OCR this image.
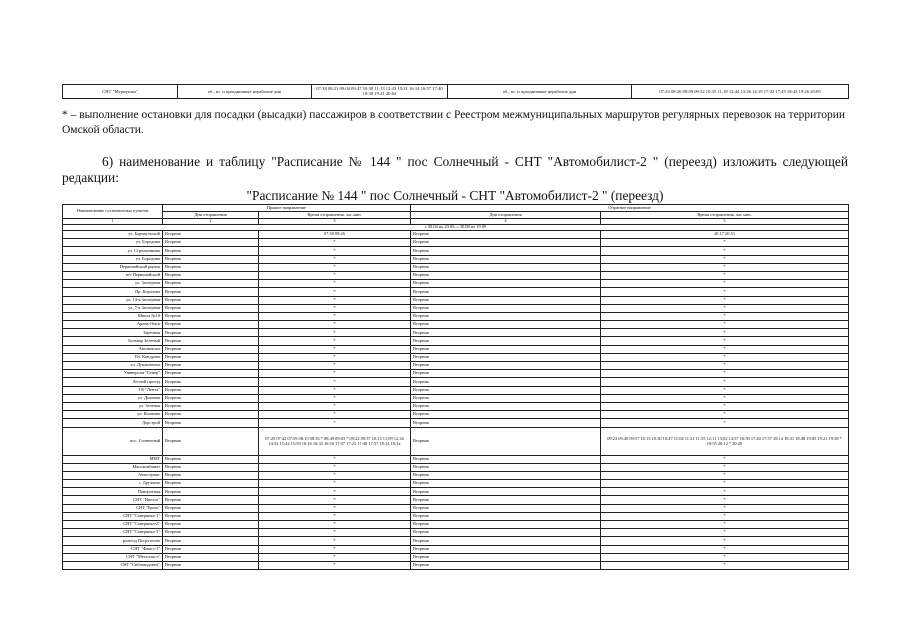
СНТ "Мурмушка"	об., вс. и праздничные нерабочие дни	07:38 08:21 09:04 09:47 10:30 11:13 12:43 15:31 16:14 16:57 17:40 18:38 19:21 20:04	об., вс. и праздничные нерабочие дни	07:43 08:26 09:09 09:52 10:35 11:18 12:44 13:26 14:19 17:02 17:45 18:43 19:26 20:09
* – выполнение остановки для посадки (высадки) пассажиров в соответствии с Реестром межмуниципальных маршрутов регулярных перевозок на территории Омской области.
6) наименование и таблицу "Расписание № 144 " пос Солнечный - СНТ "Автомобилист-2 " (переезд) изложить следующей редакции:
"Расписание № 144 " пос Солнечный - СНТ "Автомобилист-2 " (переезд)
Наименование остановочных пунктов	Прямое направление		Обратное направление	
	Дни отправления	Время отправления, час.мин.	Дни отправления	Время отправления, час.мин.
1	2	3	4	5
с 30.04 по 23.05; с 30.08 по 19.09				
ул. Барнаульской	Вторник	07:50 08:26	Вторник	20:17 20:51
ул. Бородина	Вторник	*	Вторник	*
ул. Стрельникова	Вторник	*	Вторник	*
ул. Бородина	Вторник	*	Вторник	*
Первомайский рынок	Вторник	*	Вторник	*
м/т Первомайский	Вторник	*	Вторник	*
ул. Заозерная	Вторник	*	Вторник	*
Пр. Королева	Вторник	*	Вторник	*
ул. 14-я Заозерная	Вторник	*	Вторник	*
ул. 7-я Заозерная	Вторник	*	Вторник	*
Школа №18	Вторник	*	Вторник	*
Арена-Омск	Вторник	*	Вторник	*
Заречная	Вторник	*	Вторник	*
Бульвар Зеленый	Вторник	*	Вторник	*
Автовокзал	Вторник	*	Вторник	*
Пл. Кондрова	Вторник	*	Вторник	*
ул. Лукашевича	Вторник	*	Вторник	*
Универсам "Север"	Вторник	*	Вторник	*
Лесной проезд	Вторник	*	Вторник	*
ТК "Лента"	Вторник	*	Вторник	*
ул. Дианова	Вторник	*	Вторник	*
ул. Зеленая	Вторник	*	Вторник	*
ул. Кошкова	Вторник	*	Вторник	*
Дорстрой	Вторник	*	Вторник	*
пос. Солнечный	Вторник	07:25 07:42 07:59 08:15 08:33 * 08:49 09:03 * 09:22 09:57 10:13 11:09 12:34 14:52 15:42 15:59 16:16 16:33 16:50 17:07 17:23 17:40 17:57 18:14 18:3х	Вторник	09:23 09:40 09:57 10:13 10:30 10:47 11:04 11:21 11:55 12:11 13:02 14:57 16:50 17:40 17:57 18:14 18:31 18:48 19:05 19:21 19:38 * 19:55 20:12 * 20:29
ММТ	Вторник	*	Вторник	*
Мясокомбинат	Вторник	*	Вторник	*
Автосервис	Вторник	*	Вторник	*
с. Дружино	Вторник	*	Вторник	*
Поворотная	Вторник	*	Вторник	*
СНТ "Иволга"	Вторник	*	Вторник	*
СНТ "Ерош"	Вторник	*	Вторник	*
СНТ "Северянка-1"	Вторник	*	Вторник	*
СНТ "Северянка-2"	Вторник	*	Вторник	*
СНТ "Северянка-3"	Вторник	*	Вторник	*
разъезд Погрузочно	Вторник	*	Вторник	*
СНТ "Факел-1"	Вторник	*	Вторник	*
СНТ "Металлист"	Вторник	*	Вторник	*
СНТ "Сибзаводовец"	Вторник	*	Вторник	*
